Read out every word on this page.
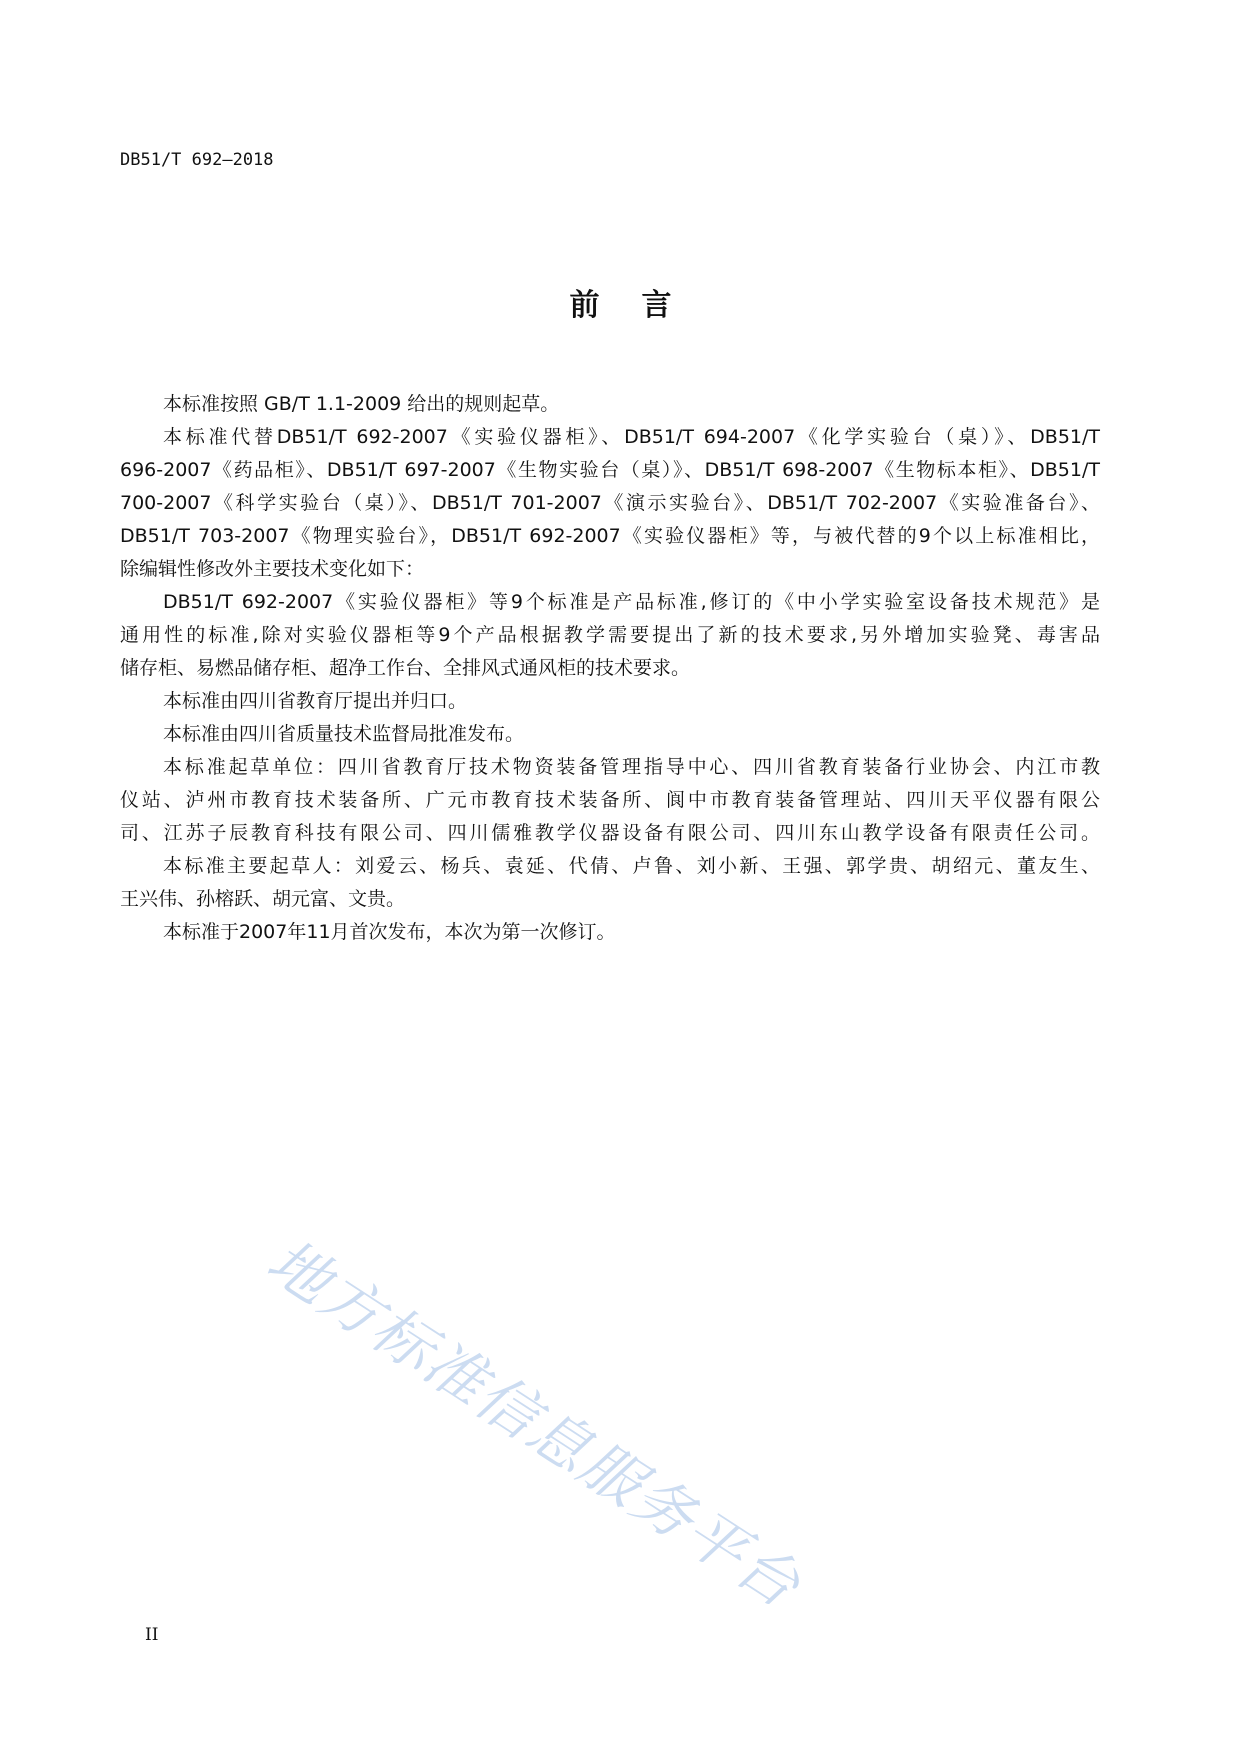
DB51/T 692—2018
前言
本标准按照 GB/T 1.1-2009 给出的规则起草。
本标准代替DB51/T 692-2007《实验仪器柜》、DB51/T 694-2007《化学实验台（桌）》、DB51/T
696-2007《药品柜》、DB51/T 697-2007《生物实验台（桌）》、DB51/T 698-2007《生物标本柜》、DB51/T
700-2007《科学实验台（桌）》、DB51/T 701-2007《演示实验台》、DB51/T 702-2007《实验准备台》、
DB51/T 703-2007《物理实验台》，DB51/T 692-2007《实验仪器柜》等，与被代替的9个以上标准相比，
除编辑性修改外主要技术变化如下：
DB51/T 692-2007《实验仪器柜》等9个标准是产品标准,修订的《中小学实验室设备技术规范》是
通用性的标准,除对实验仪器柜等9个产品根据教学需要提出了新的技术要求,另外增加实验凳、毒害品
储存柜、易燃品储存柜、超净工作台、全排风式通风柜的技术要求。
本标准由四川省教育厅提出并归口。
本标准由四川省质量技术监督局批准发布。
本标准起草单位：四川省教育厅技术物资装备管理指导中心、四川省教育装备行业协会、内江市教
仪站、泸州市教育技术装备所、广元市教育技术装备所、阆中市教育装备管理站、四川天平仪器有限公
司、江苏子辰教育科技有限公司、四川儒雅教学仪器设备有限公司、四川东山教学设备有限责任公司。
本标准主要起草人：刘爱云、杨兵、袁延、代倩、卢鲁、刘小新、王强、郭学贵、胡绍元、董友生、
王兴伟、孙榕跃、胡元富、文贵。
本标准于2007年11月首次发布，本次为第一次修订。
地方标准信息服务平台
II
